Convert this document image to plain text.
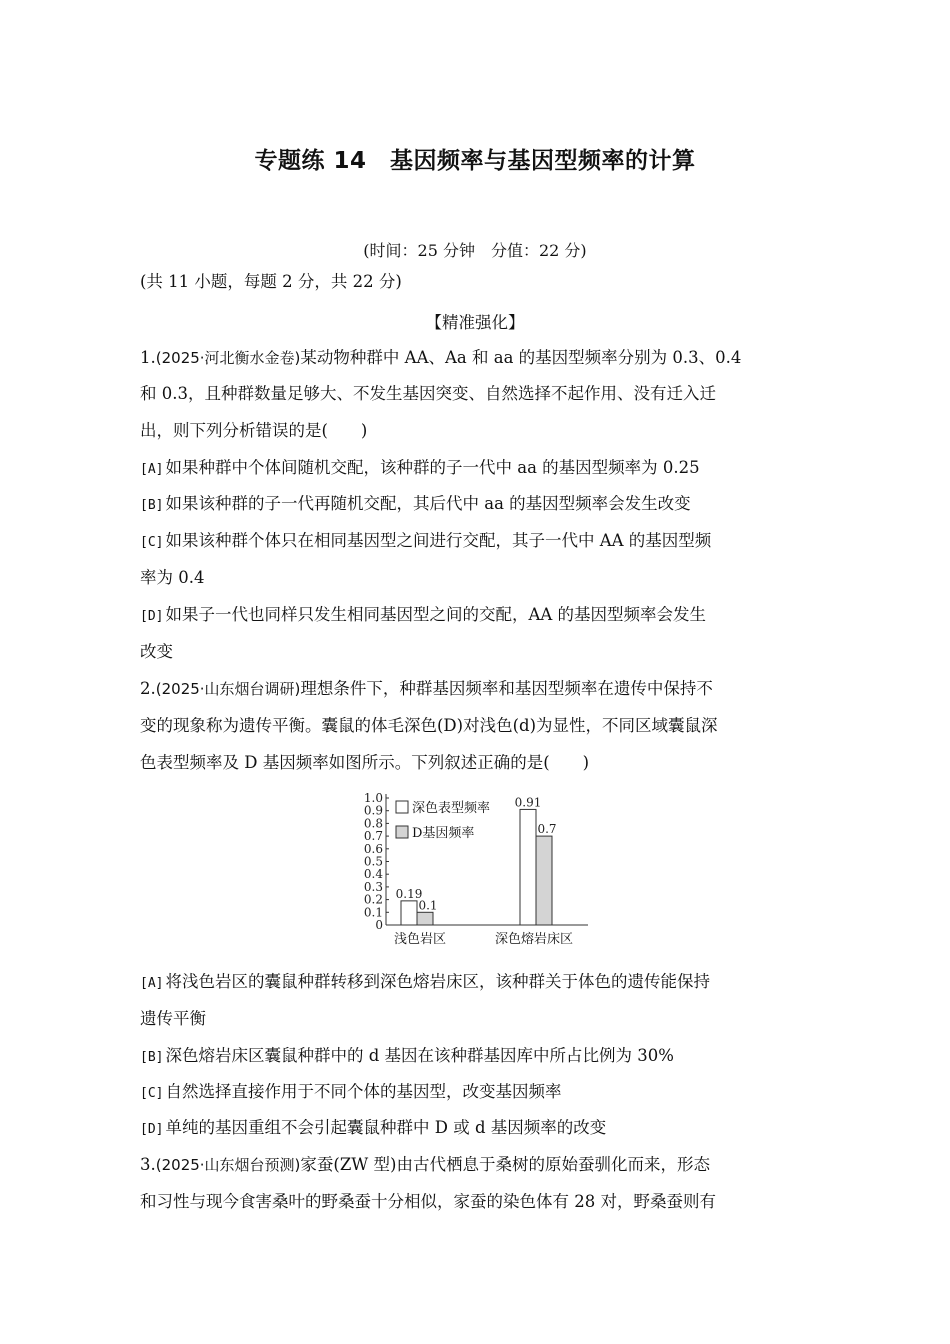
专题练 14　基因频率与基因型频率的计算
(时间：25 分钟　分值：22 分)
(共 11 小题，每题 2 分，共 22 分)
【精准强化】
1.(2025·河北衡水金卷)某动物种群中 AA、Aa 和 aa 的基因型频率分别为 0.3、0.4
和 0.3，且种群数量足够大、不发生基因突变、自然选择不起作用、没有迁入迁
出，则下列分析错误的是(　　)
[A] 如果种群中个体间随机交配，该种群的子一代中 aa 的基因型频率为 0.25
[B] 如果该种群的子一代再随机交配，其后代中 aa 的基因型频率会发生改变
[C] 如果该种群个体只在相同基因型之间进行交配，其子一代中 AA 的基因型频
率为 0.4
[D] 如果子一代也同样只发生相同基因型之间的交配，AA 的基因型频率会发生
改变
2.(2025·山东烟台调研)理想条件下，种群基因频率和基因型频率在遗传中保持不
变的现象称为遗传平衡。囊鼠的体毛深色(D)对浅色(d)为显性，不同区域囊鼠深
色表型频率及 D 基因频率如图所示。下列叙述正确的是(　　)
0
0.1
0.2
0.3
0.4
0.5
0.6
0.7
0.8
0.9
1.0
0.19
0.91
0.1
0.7
浅色岩区	深色熔岩床区
深色表型频率
D基因频率
[A] 将浅色岩区的囊鼠种群转移到深色熔岩床区，该种群关于体色的遗传能保持
遗传平衡
[B] 深色熔岩床区囊鼠种群中的 d 基因在该种群基因库中所占比例为 30%
[C] 自然选择直接作用于不同个体的基因型，改变基因频率
[D] 单纯的基因重组不会引起囊鼠种群中 D 或 d 基因频率的改变
3.(2025·山东烟台预测)家蚕(ZW 型)由古代栖息于桑树的原始蚕驯化而来，形态
和习性与现今食害桑叶的野桑蚕十分相似，家蚕的染色体有 28 对，野桑蚕则有
